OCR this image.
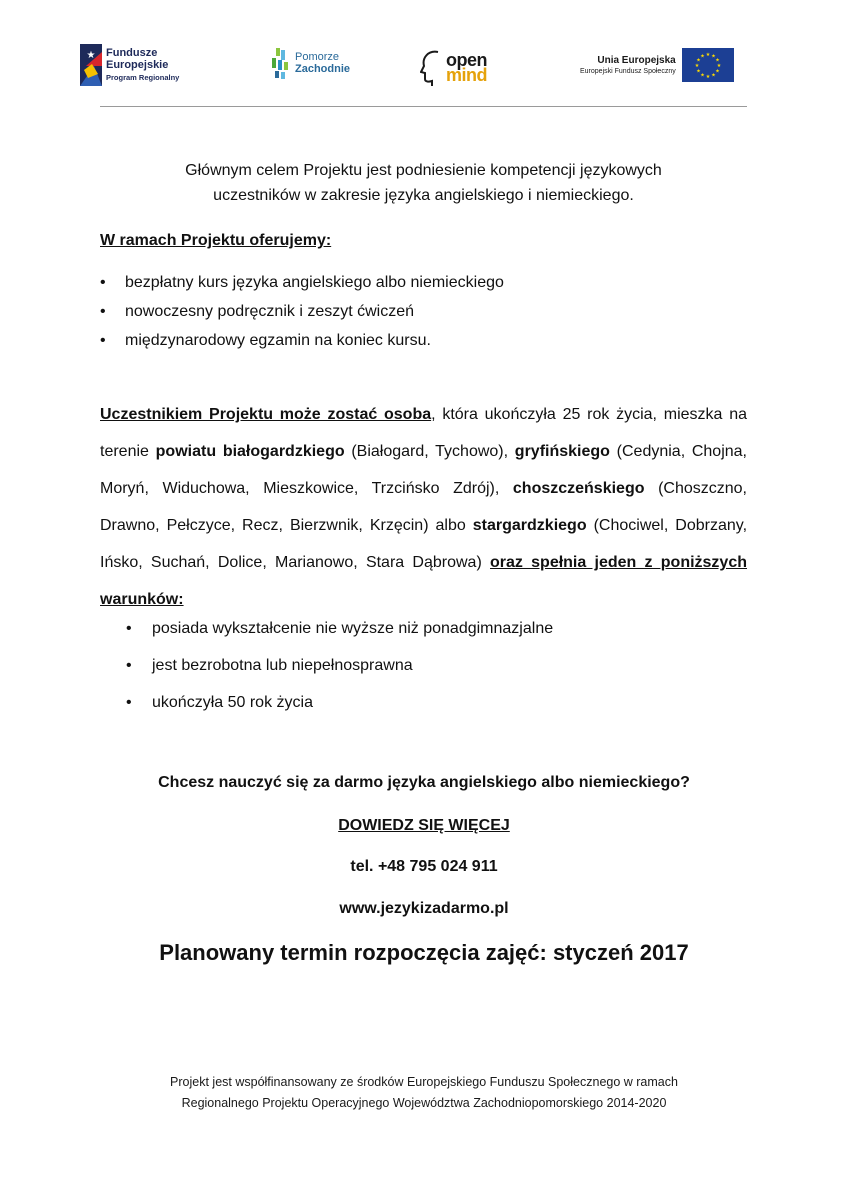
★ Fundusze
Europejskie
Program Regionalny
Pomorze
Zachodnie	open
mind
Unia Europejska
Europejski Fundusz Społeczny
★ ★
★
★
★
★
★
★
★
★
★
★
Głównym celem Projektu jest podniesienie kompetencji językowych
uczestników w zakresie języka angielskiego i niemieckiego.
W ramach Projektu oferujemy:
• bezpłatny kurs języka angielskiego albo niemieckiego
• nowoczesny podręcznik i zeszyt ćwiczeń
• międzynarodowy egzamin na koniec kursu.
Uczestnikiem Projektu może zostać osoba, która ukończyła 25 rok życia, mieszka na terenie powiatu białogardzkiego (Białogard, Tychowo), gryfińskiego (Cedynia, Chojna, Moryń, Widuchowa, Mieszkowice, Trzcińsko Zdrój), choszczeńskiego (Choszczno, Drawno, Pełczyce, Recz, Bierzwnik, Krzęcin) albo stargardzkiego (Chociwel, Dobrzany, Ińsko, Suchań, Dolice, Marianowo, Stara Dąbrowa) oraz spełnia jeden z poniższych warunków:
• posiada wykształcenie nie wyższe niż ponadgimnazjalne
• jest bezrobotna lub niepełnosprawna
• ukończyła 50 rok życia
Chcesz nauczyć się za darmo języka angielskiego albo niemieckiego?
DOWIEDZ SIĘ WIĘCEJ
tel. +48 795 024 911
www.jezykizadarmo.pl
Planowany termin rozpoczęcia zajęć: styczeń 2017
Projekt jest współfinansowany ze środków Europejskiego Funduszu Społecznego w ramach
Regionalnego Projektu Operacyjnego Województwa Zachodniopomorskiego 2014-2020
